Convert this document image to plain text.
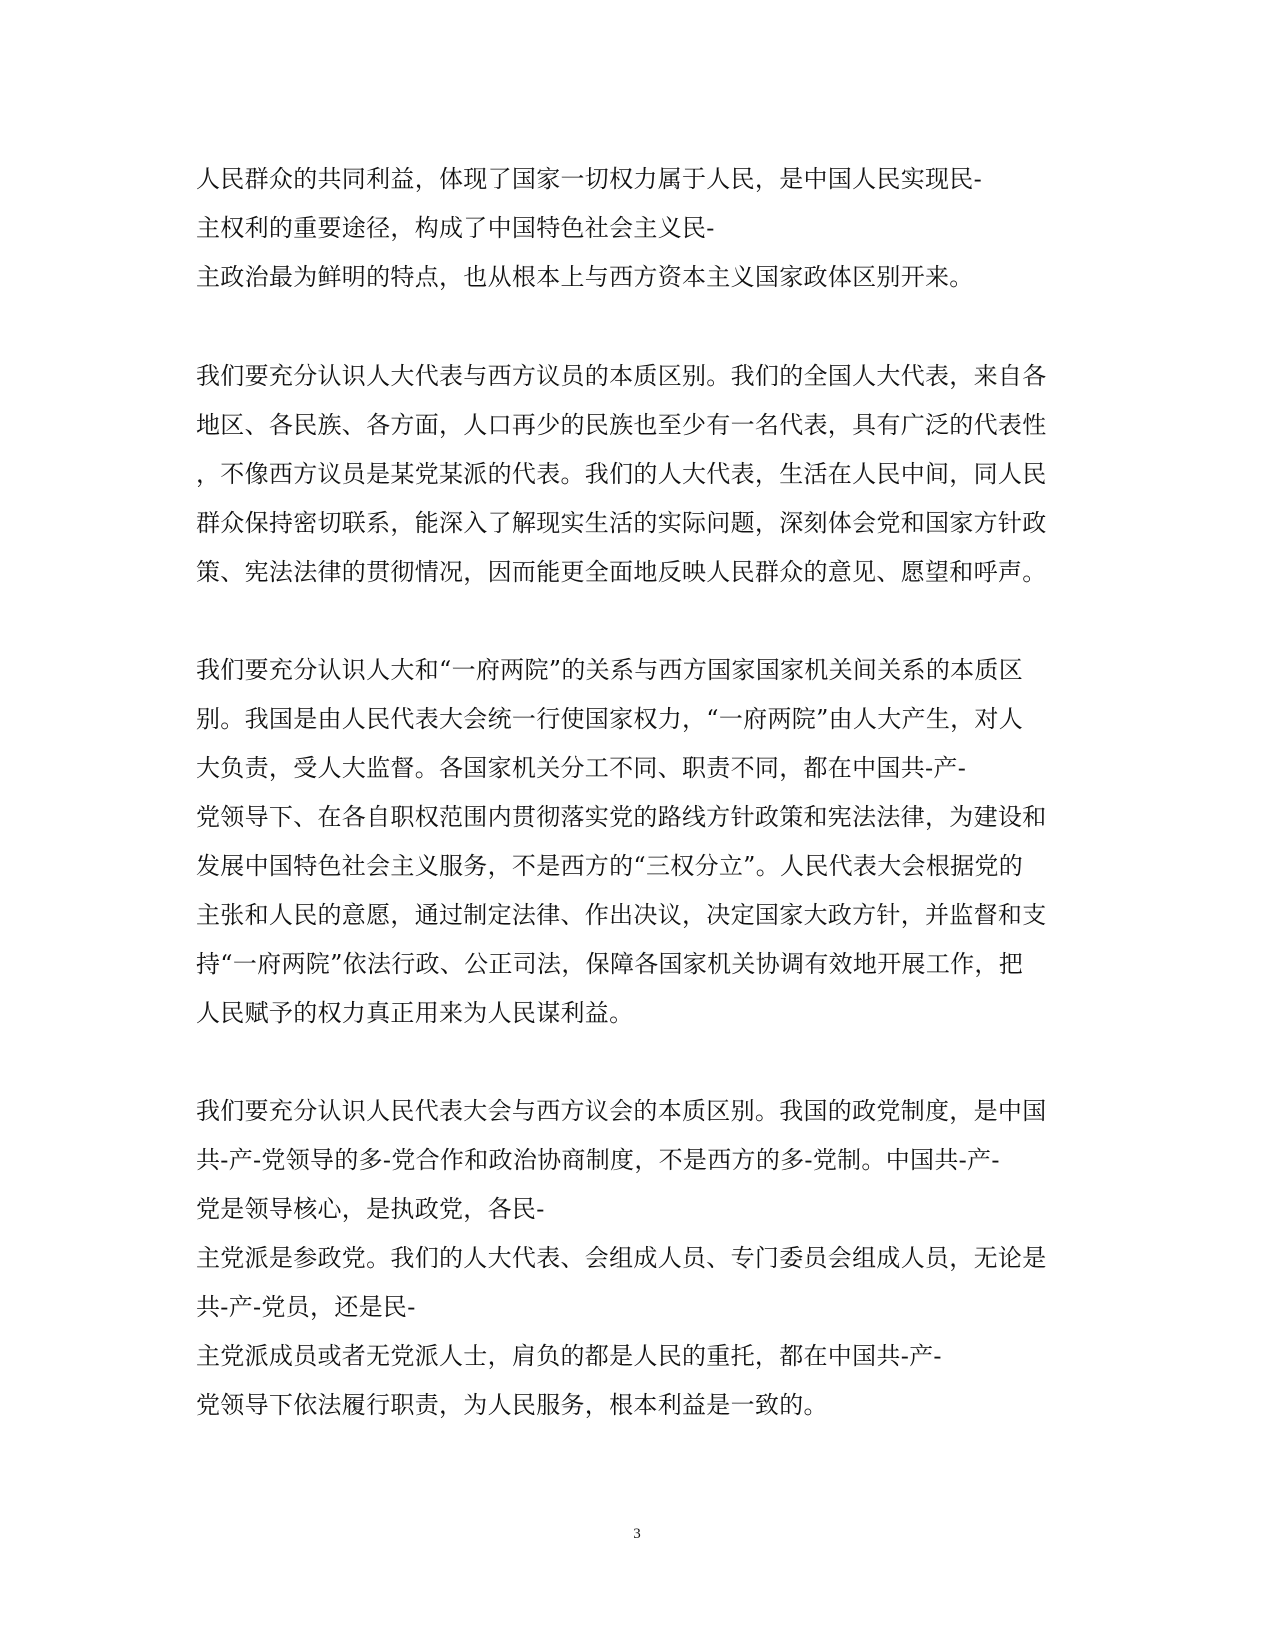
人民群众的共同利益，体现了国家一切权力属于人民，是中国人民实现民-
主权利的重要途径，构成了中国特色社会主义民-
主政治最为鲜明的特点，也从根本上与西方资本主义国家政体区别开来。
我们要充分认识人大代表与西方议员的本质区别。我们的全国人大代表，来自各
地区、各民族、各方面，人口再少的民族也至少有一名代表，具有广泛的代表性
，不像西方议员是某党某派的代表。我们的人大代表，生活在人民中间，同人民
群众保持密切联系，能深入了解现实生活的实际问题，深刻体会党和国家方针政
策、宪法法律的贯彻情况，因而能更全面地反映人民群众的意见、愿望和呼声。
我们要充分认识人大和“一府两院”的关系与西方国家国家机关间关系的本质区
别。我国是由人民代表大会统一行使国家权力，“一府两院”由人大产生，对人
大负责，受人大监督。各国家机关分工不同、职责不同，都在中国共-产-
党领导下、在各自职权范围内贯彻落实党的路线方针政策和宪法法律，为建设和
发展中国特色社会主义服务，不是西方的“三权分立”。人民代表大会根据党的
主张和人民的意愿，通过制定法律、作出决议，决定国家大政方针，并监督和支
持“一府两院”依法行政、公正司法，保障各国家机关协调有效地开展工作，把
人民赋予的权力真正用来为人民谋利益。
我们要充分认识人民代表大会与西方议会的本质区别。我国的政党制度，是中国
共-产-党领导的多-党合作和政治协商制度，不是西方的多-党制。中国共-产-
党是领导核心，是执政党，各民-
主党派是参政党。我们的人大代表、会组成人员、专门委员会组成人员，无论是
共-产-党员，还是民-
主党派成员或者无党派人士，肩负的都是人民的重托，都在中国共-产-
党领导下依法履行职责，为人民服务，根本利益是一致的。
3
